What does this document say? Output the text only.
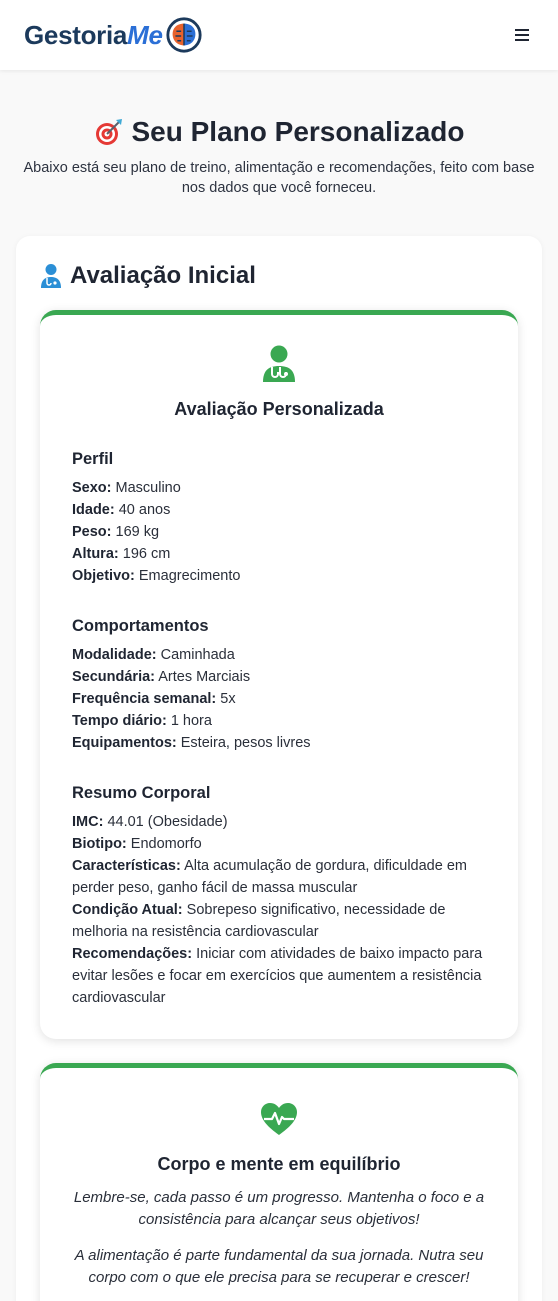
GestoriaMe
Seu Plano Personalizado

Abaixo está seu plano de treino, alimentação e recomendações, feito com base nos dados que você forneceu.

Avaliação Inicial
Avaliação Personalizada
Perfil

Sexo: Masculino

Idade: 40 anos

Peso: 169 kg

Altura: 196 cm

Objetivo: Emagrecimento

Comportamentos

Modalidade: Caminhada

Secundária: Artes Marciais

Frequência semanal: 5x

Tempo diário: 1 hora

Equipamentos: Esteira, pesos livres

Resumo Corporal

IMC: 44.01 (Obesidade)

Biotipo: Endomorfo

Características: Alta acumulação de gordura, dificuldade em perder peso, ganho fácil de massa muscular

Condição Atual: Sobrepeso significativo, necessidade de melhoria na resistência cardiovascular

Recomendações: Iniciar com atividades de baixo impacto para evitar lesões e focar em exercícios que aumentem a resistência cardiovascular

Corpo e mente em equilíbrio

Lembre-se, cada passo é um progresso. Mantenha o foco e a consistência para alcançar seus objetivos!

A alimentação é parte fundamental da sua jornada. Nutra seu corpo com o que ele precisa para se recuperar e crescer!
